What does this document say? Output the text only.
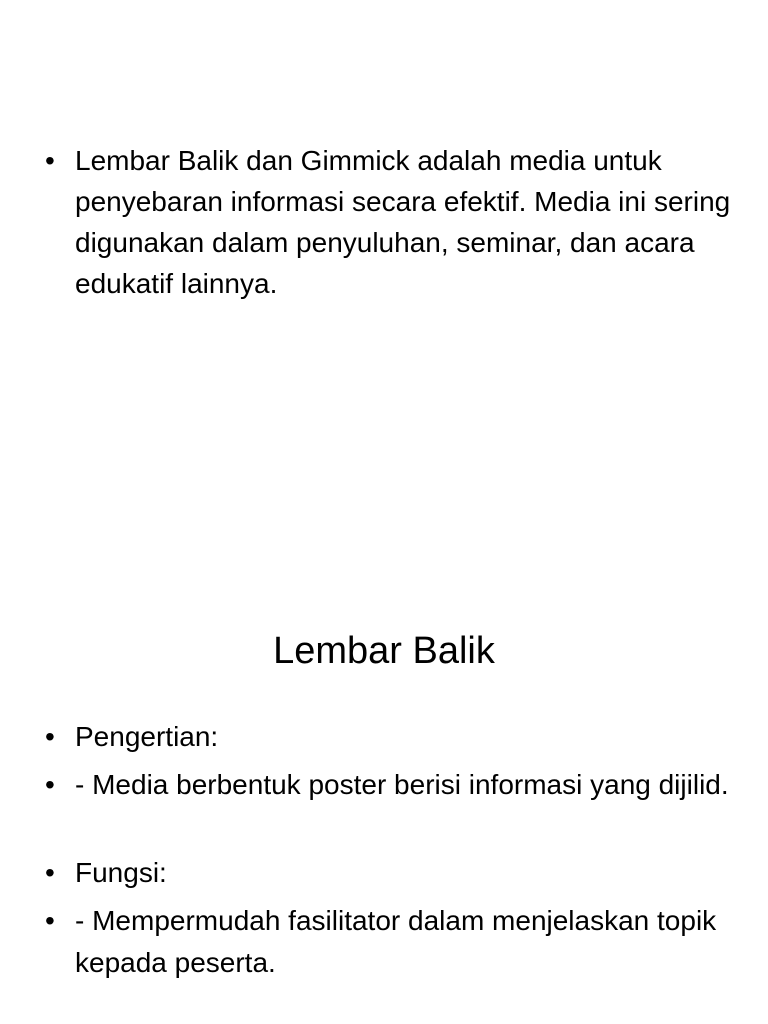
• Lembar Balik dan Gimmick adalah media untuk penyebaran informasi secara efektif. Media ini sering digunakan dalam penyuluhan, seminar, dan acara edukatif lainnya.
Lembar Balik
• Pengertian:
• - Media berbentuk poster berisi informasi yang dijilid.
• Fungsi:
• - Mempermudah fasilitator dalam menjelaskan topik kepada peserta.
